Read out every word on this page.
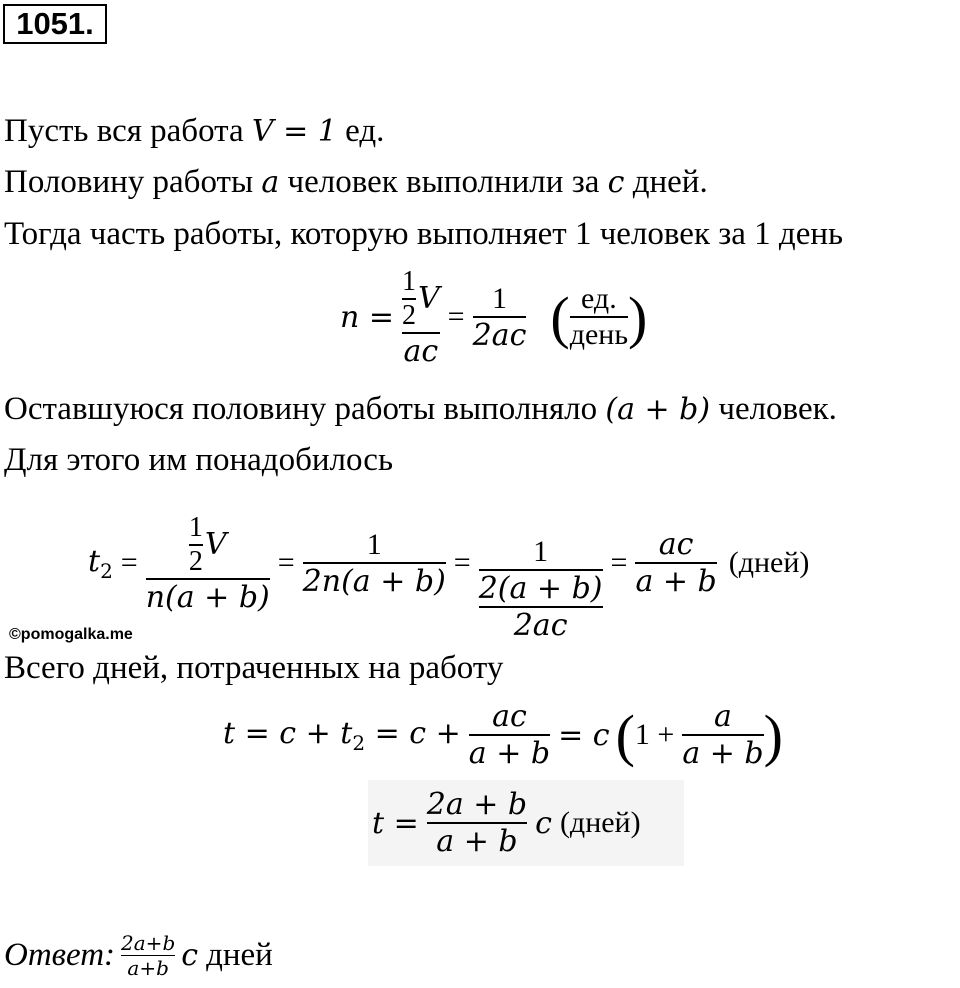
1051.
Пусть вся работа V = 1 ед.
Половину работы a человек выполнили за c дней.
Тогда часть работы, которую выполняет 1 человек за 1 день
$n = \frac{\frac{1}{2} V}{ac} = \frac{1}{2ac}$ ( $\frac{ед.}{\text{день}}$ )
Оставшуюся половину работы выполняло (a + b) человек.
Для этого им понадобилось
$t_2 = \frac{\frac{1}{2} V}{n(a + b)} = \frac{1}{2n(a + b)} = 1$
2(a + b)
2ac
= $\frac{ac}{a + b}$ (дней)
©pomogalka.me
Всего дней, потраченных на работу
$t = c + t_2 = c + \frac{ac}{a + b} = c$ ( $1 + \frac{a}{a + b}$ )
$t = \frac{2a + b}{a + b}$ c (дней)
Ответ: $\frac{2a+b}{a+b}$ c дней
